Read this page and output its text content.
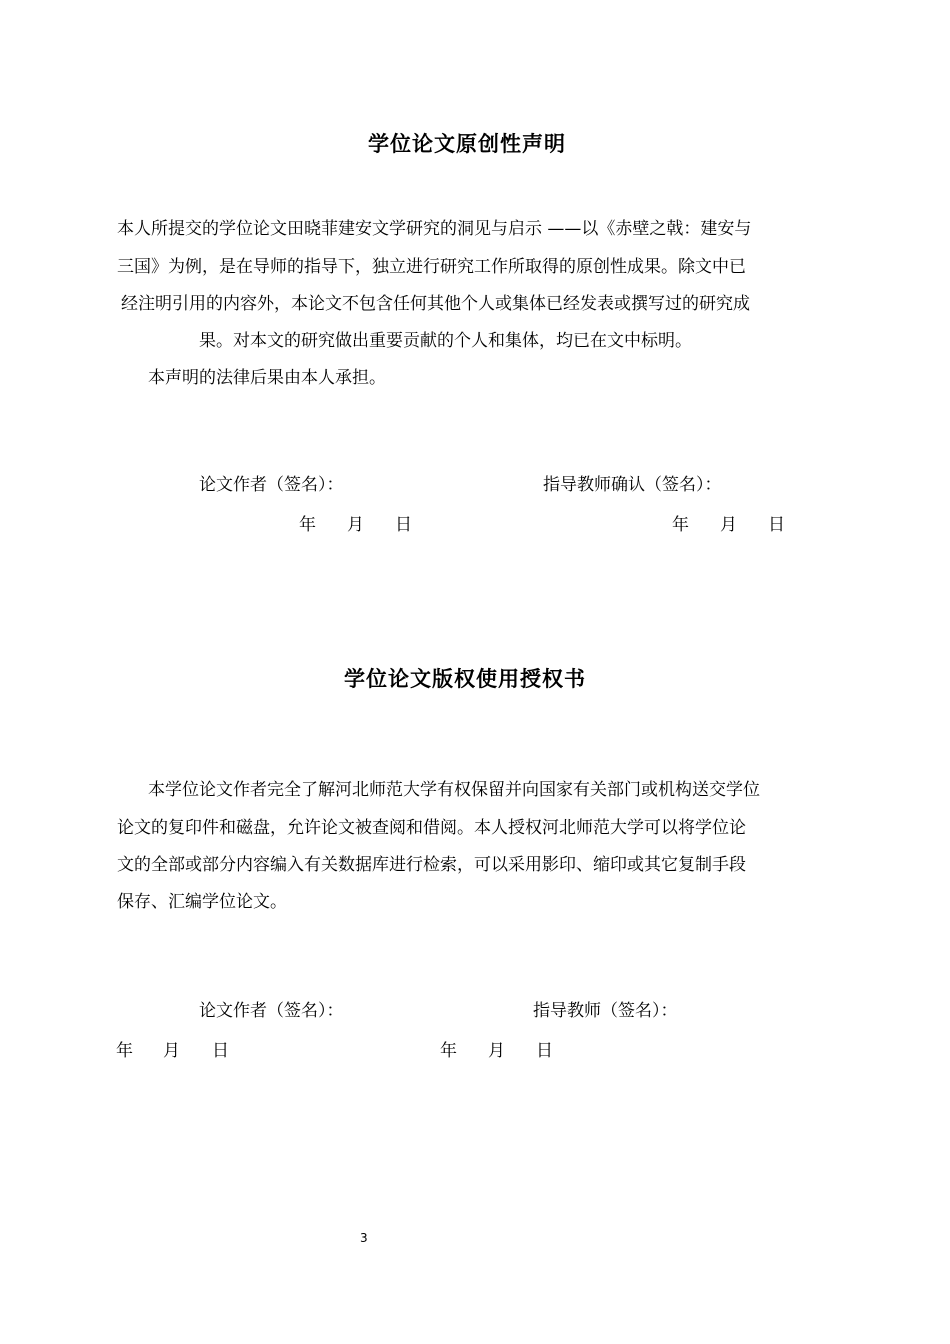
学位论文原创性声明
本人所提交的学位论文田晓菲建安文学研究的洞见与启示 ——以《赤壁之戟：建安与
三国》为例，是在导师的指导下，独立进行研究工作所取得的原创性成果。除文中已
经注明引用的内容外，本论文不包含任何其他个人或集体已经发表或撰写过的研究成
果。对本文的研究做出重要贡献的个人和集体，均已在文中标明。
本声明的法律后果由本人承担。
论文作者（签名）：	指导教师确认（签名）：
年 月 日	年 月 日
学位论文版权使用授权书
本学位论文作者完全了解河北师范大学有权保留并向国家有关部门或机构送交学位
论文的复印件和磁盘，允许论文被查阅和借阅。本人授权河北师范大学可以将学位论
文的全部或部分内容编入有关数据库进行检索，可以采用影印、缩印或其它复制手段
保存、汇编学位论文。
论文作者（签名）：	指导教师（签名）：
年 月 日	年 月 日
3
